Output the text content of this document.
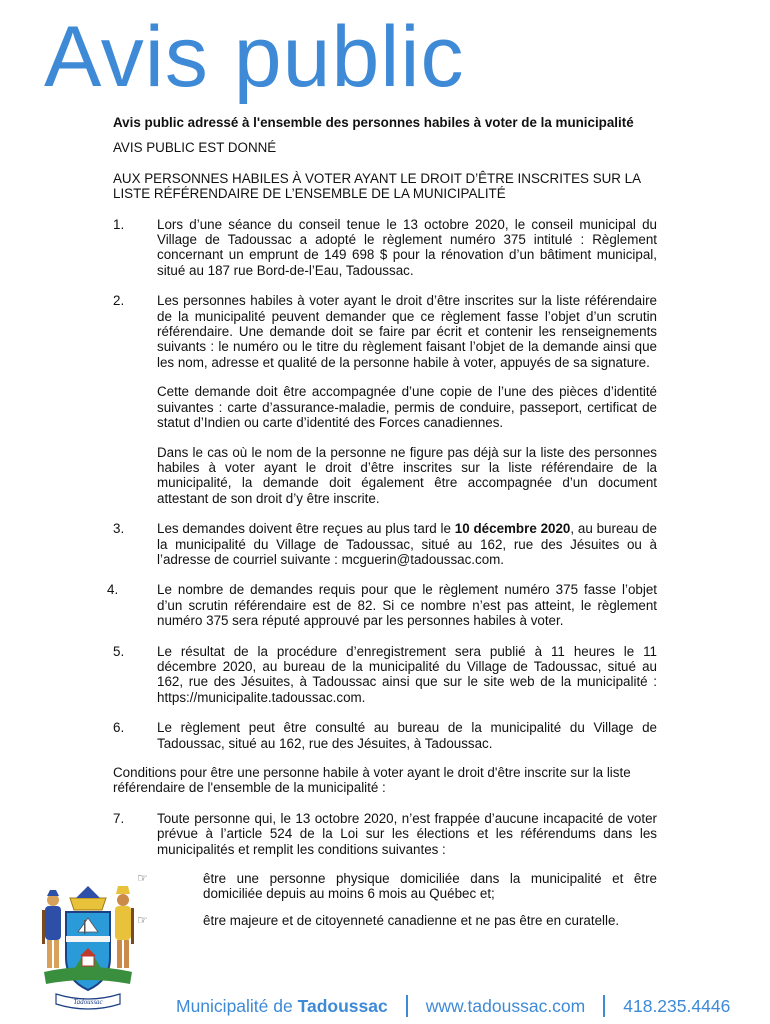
Avis public

Avis public adressé à l'ensemble des personnes habiles à voter de la municipalité

AVIS PUBLIC EST DONNÉ

AUX PERSONNES HABILES À VOTER AYANT LE DROIT D’ÊTRE INSCRITES SUR LA LISTE RÉFÉRENDAIRE DE L’ENSEMBLE DE LA MUNICIPALITÉ

1.	Lors d’une séance du conseil tenue le 13 octobre 2020, le conseil municipal du Village de Tadoussac a adopté le règlement numéro 375 intitulé : Règlement concernant un emprunt de 149 698 $ pour la rénovation d’un bâtiment municipal, situé au 187 rue Bord-de-l’Eau, Tadoussac.

2.	Les personnes habiles à voter ayant le droit d’être inscrites sur la liste référendaire de la municipalité peuvent demander que ce règlement fasse l’objet d’un scrutin référendaire. Une demande doit se faire par écrit et contenir les renseignements suivants : le numéro ou le titre du règlement faisant l’objet de la demande ainsi que les nom, adresse et qualité de la personne habile à voter, appuyés de sa signature.

Cette demande doit être accompagnée d’une copie de l’une des pièces d’identité suivantes : carte d’assurance-maladie, permis de conduire, passeport, certificat de statut d’Indien ou carte d’identité des Forces canadiennes.

Dans le cas où le nom de la personne ne figure pas déjà sur la liste des personnes habiles à voter ayant le droit d’être inscrites sur la liste référendaire de la municipalité, la demande doit également être accompagnée d’un document attestant de son droit d’y être inscrite.

3.	Les demandes doivent être reçues au plus tard le 10 décembre 2020, au bureau de la municipalité du Village de Tadoussac, situé au 162, rue des Jésuites ou à l’adresse de courriel suivante : mcguerin@tadoussac.com.

4.	Le nombre de demandes requis pour que le règlement numéro 375 fasse l’objet d’un scrutin référendaire est de 82. Si ce nombre n’est pas atteint, le règlement numéro 375 sera réputé approuvé par les personnes habiles à voter.

5.	Le résultat de la procédure d’enregistrement sera publié à 11 heures le 11 décembre 2020, au bureau de la municipalité du Village de Tadoussac, situé au 162, rue des Jésuites, à Tadoussac ainsi que sur le site web de la municipalité : https://municipalite.tadoussac.com.

6.	Le règlement peut être consulté au bureau de la municipalité du Village de Tadoussac, situé au 162, rue des Jésuites, à Tadoussac.

Conditions pour être une personne habile à voter ayant le droit d'être inscrite sur la liste référendaire de l'ensemble de la municipalité :

7.	Toute personne qui, le 13 octobre 2020, n’est frappée d’aucune incapacité de voter prévue à l’article 524 de la Loi sur les élections et les référendums dans les municipalités et remplit les conditions suivantes :

☞	être une personne physique domiciliée dans la municipalité et être domiciliée depuis au moins 6 mois au Québec et;
☞	être majeure et de citoyenneté canadienne et ne pas être en curatelle.
Tadoussac	Municipalité de Tadoussac www.tadoussac.com 418.235.4446
